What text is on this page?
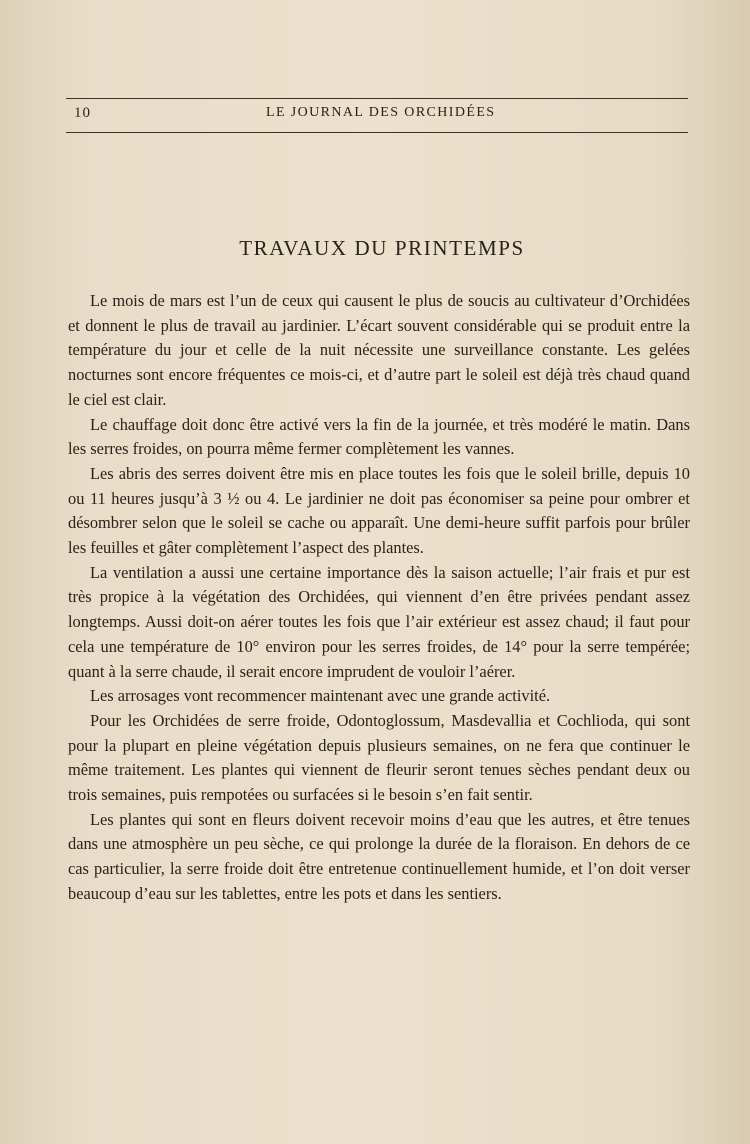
10	LE JOURNAL DES ORCHIDÉES
TRAVAUX DU PRINTEMPS

Le mois de mars est l’un de ceux qui causent le plus de soucis au cultivateur d’Orchidées et donnent le plus de travail au jardinier. L’écart souvent considérable qui se produit entre la température du jour et celle de la nuit nécessite une surveillance constante. Les gelées nocturnes sont encore fréquentes ce mois-ci, et d’autre part le soleil est déjà très chaud quand le ciel est clair.

Le chauffage doit donc être activé vers la fin de la journée, et très modéré le matin. Dans les serres froides, on pourra même fermer complètement les vannes.

Les abris des serres doivent être mis en place toutes les fois que le soleil brille, depuis 10 ou 11 heures jusqu’à 3 ½ ou 4. Le jardinier ne doit pas économiser sa peine pour ombrer et désombrer selon que le soleil se cache ou apparaît. Une demi-heure suffit parfois pour brûler les feuilles et gâter complètement l’aspect des plantes.

La ventilation a aussi une certaine importance dès la saison actuelle; l’air frais et pur est très propice à la végétation des Orchidées, qui viennent d’en être privées pendant assez longtemps. Aussi doit-on aérer toutes les fois que l’air extérieur est assez chaud; il faut pour cela une température de 10° environ pour les serres froides, de 14° pour la serre tempérée; quant à la serre chaude, il serait encore imprudent de vouloir l’aérer.

Les arrosages vont recommencer maintenant avec une grande activité.

Pour les Orchidées de serre froide, Odontoglossum, Masdevallia et Cochlioda, qui sont pour la plupart en pleine végétation depuis plusieurs semaines, on ne fera que continuer le même traitement. Les plantes qui viennent de fleurir seront tenues sèches pendant deux ou trois semaines, puis rempotées ou surfacées si le besoin s’en fait sentir.

Les plantes qui sont en fleurs doivent recevoir moins d’eau que les autres, et être tenues dans une atmosphère un peu sèche, ce qui prolonge la durée de la floraison. En dehors de ce cas particulier, la serre froide doit être entretenue continuellement humide, et l’on doit verser beaucoup d’eau sur les tablettes, entre les pots et dans les sentiers.
